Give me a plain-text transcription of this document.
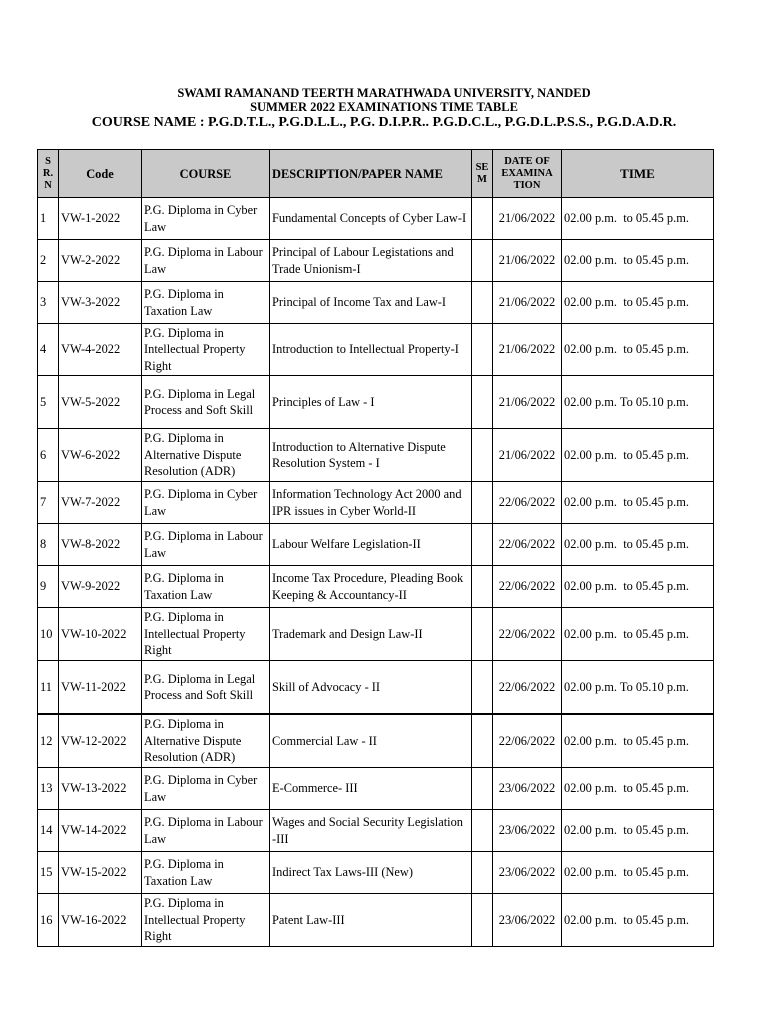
SWAMI RAMANAND TEERTH MARATHWADA UNIVERSITY, NANDED
SUMMER 2022 EXAMINATIONS TIME TABLE
COURSE NAME : P.G.D.T.L., P.G.D.L.L., P.G. D.I.P.R.. P.G.D.C.L., P.G.D.L.P.S.S., P.G.D.A.D.R.
S R. N	Code	COURSE	DESCRIPTION/PAPER NAME	SE M	DATE OF EXAMINA TION	TIME
1	VW-1-2022	P.G. Diploma in Cyber Law	Fundamental Concepts of Cyber Law-I		21/06/2022	02.00 p.m.  to 05.45 p.m.
2	VW-2-2022	P.G. Diploma in Labour Law	Principal of Labour Legistations and Trade Unionism-I		21/06/2022	02.00 p.m.  to 05.45 p.m.
3	VW-3-2022	P.G. Diploma in Taxation Law	Principal of Income Tax and Law-I		21/06/2022	02.00 p.m.  to 05.45 p.m.
4	VW-4-2022	P.G. Diploma in Intellectual Property Right	Introduction to Intellectual Property-I		21/06/2022	02.00 p.m.  to 05.45 p.m.
5	VW-5-2022	P.G. Diploma in Legal Process and Soft Skill	Principles of Law - I		21/06/2022	02.00 p.m. To 05.10 p.m.
6	VW-6-2022	P.G. Diploma in Alternative Dispute Resolution (ADR)	Introduction to Alternative Dispute Resolution System - I		21/06/2022	02.00 p.m.  to 05.45 p.m.
7	VW-7-2022	P.G. Diploma in Cyber Law	Information Technology Act 2000 and IPR issues in Cyber World-II		22/06/2022	02.00 p.m.  to 05.45 p.m.
8	VW-8-2022	P.G. Diploma in Labour Law	Labour Welfare Legislation-II		22/06/2022	02.00 p.m.  to 05.45 p.m.
9	VW-9-2022	P.G. Diploma in Taxation Law	Income Tax Procedure, Pleading Book Keeping & Accountancy-II		22/06/2022	02.00 p.m.  to 05.45 p.m.
10	VW-10-2022	P.G. Diploma in Intellectual Property Right	Trademark and Design Law-II		22/06/2022	02.00 p.m.  to 05.45 p.m.
11	VW-11-2022	P.G. Diploma in Legal Process and Soft Skill	Skill of Advocacy - II		22/06/2022	02.00 p.m. To 05.10 p.m.
12	VW-12-2022	P.G. Diploma in Alternative Dispute Resolution (ADR)	Commercial Law - II		22/06/2022	02.00 p.m.  to 05.45 p.m.
13	VW-13-2022	P.G. Diploma in Cyber Law	E-Commerce- III		23/06/2022	02.00 p.m.  to 05.45 p.m.
14	VW-14-2022	P.G. Diploma in Labour Law	Wages and Social Security Legislation -III		23/06/2022	02.00 p.m.  to 05.45 p.m.
15	VW-15-2022	P.G. Diploma in Taxation Law	Indirect Tax Laws-III (New)		23/06/2022	02.00 p.m.  to 05.45 p.m.
16	VW-16-2022	P.G. Diploma in Intellectual Property Right	Patent Law-III		23/06/2022	02.00 p.m.  to 05.45 p.m.
